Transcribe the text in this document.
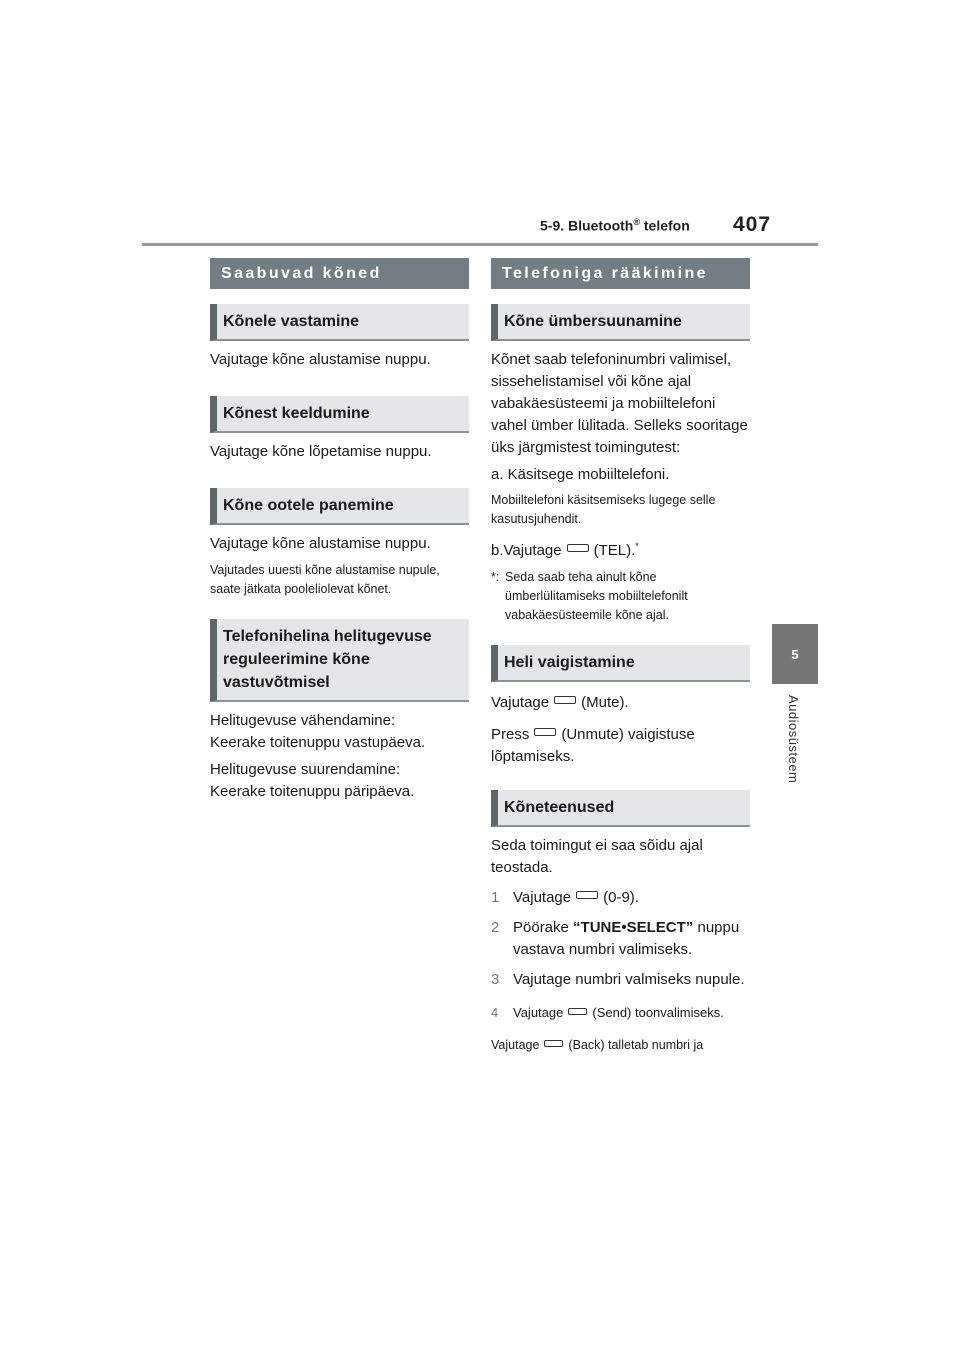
5-9. Bluetooth® telefon 407
5
Audiosüsteem
Saabuvad kõned
Kõnele vastamine
Vajutage kõne alustamise nuppu.
Kõnest keeldumine
Vajutage kõne lõpetamise nuppu.
Kõne ootele panemine
Vajutage kõne alustamise nuppu.
Vajutades uuesti kõne alustamise nupule, saate jätkata pooleliolevat kõnet.
Telefonihelina helitugevuse reguleerimine kõne vastuvõtmisel
Helitugevuse vähendamine:
Keerake toitenuppu vastupäeva.
Helitugevuse suurendamine:
Keerake toitenuppu päripäeva.
Telefoniga rääkimine
Kõne ümbersuunamine
Kõnet saab telefoninumbri valimisel, sissehelistamisel või kõne ajal vabakäesüsteemi ja mobiiltelefoni vahel ümber lülitada. Selleks sooritage üks järgmistest toimingutest:
a. Käsitsege mobiiltelefoni.
Mobiiltelefoni käsitsemiseks lugege selle kasutusjuhendit.
b.Vajutage (TEL).*
*: Seda saab teha ainult kõne ümberlülitamiseks mobiiltelefonilt vabakäesüsteemile kõne ajal.
Heli vaigistamine
Vajutage (Mute).
Press (Unmute) vaigistuse lõptamiseks.
Kõneteenused
Seda toimingut ei saa sõidu ajal teostada.
1 Vajutage (0-9).
2 Pöörake “TUNE•SELECT” nuppu vastava numbri valimiseks.
3 Vajutage numbri valmiseks nupule.
4	Vajutage (Send) toonvalimiseks.
Vajutage (Back) talletab numbri ja
